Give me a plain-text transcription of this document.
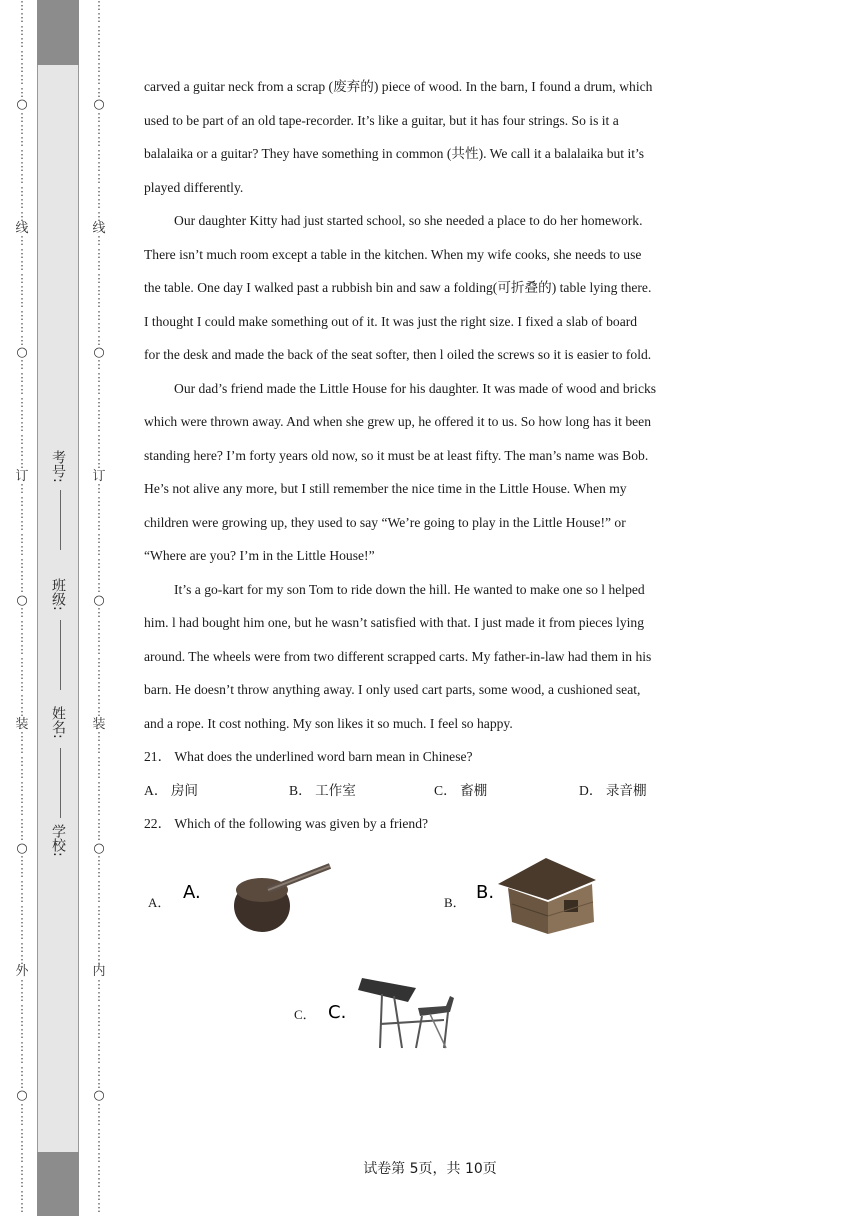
⋮
⋮
⋮
⋮
⋮
⋮
⋮
⋮
○
⋮
⋮
⋮
⋮
⋮
⋮
⋮
⋮
⋮
线
⋮
⋮
⋮
⋮
⋮
⋮
⋮
⋮
⋮
○
⋮
⋮
⋮
⋮
⋮
⋮
⋮
⋮
⋮
订
⋮
⋮
⋮
⋮
⋮
⋮
⋮
⋮
⋮
○
⋮
⋮
⋮
⋮
⋮
⋮
⋮
⋮
⋮
装
⋮
⋮
⋮
⋮
⋮
⋮
⋮
⋮
⋮
○
⋮
⋮
⋮
⋮
⋮
⋮
⋮
⋮
⋮
外
⋮
⋮
⋮
⋮
⋮
⋮
⋮
⋮
⋮
○
⋮
⋮
⋮
⋮
⋮
⋮
⋮
⋮
⋮
考号:
班级:
姓名:
学校:
⋮
⋮
⋮
⋮
⋮
⋮
⋮
⋮
○
⋮
⋮
⋮
⋮
⋮
⋮
⋮
⋮
⋮
线
⋮
⋮
⋮
⋮
⋮
⋮
⋮
⋮
⋮
○
⋮
⋮
⋮
⋮
⋮
⋮
⋮
⋮
⋮
订
⋮
⋮
⋮
⋮
⋮
⋮
⋮
⋮
⋮
○
⋮
⋮
⋮
⋮
⋮
⋮
⋮
⋮
⋮
装
⋮
⋮
⋮
⋮
⋮
⋮
⋮
⋮
⋮
○
⋮
⋮
⋮
⋮
⋮
⋮
⋮
⋮
⋮
内
⋮
⋮
⋮
⋮
⋮
⋮
⋮
⋮
⋮
○
⋮
⋮
⋮
⋮
⋮
⋮
⋮
⋮
⋮
carved a guitar neck from a scrap (废弃的) piece of wood. In the barn, I found a drum, which
used to be part of an old tape-recorder. It’s like a guitar, but it has four strings. So is it a
balalaika or a guitar? They have something in common (共性). We call it a balalaika but it’s
played differently.
Our daughter Kitty had just started school, so she needed a place to do her homework.
There isn’t much room except a table in the kitchen. When my wife cooks, she needs to use
the table. One day I walked past a rubbish bin and saw a folding(可折叠的) table lying there.
I thought I could make something out of it. It was just the right size. I fixed a slab of board
for the desk and made the back of the seat softer, then l oiled the screws so it is easier to fold.
Our dad’s friend made the Little House for his daughter. It was made of wood and bricks
which were thrown away. And when she grew up, he offered it to us. So how long has it been
standing here? I’m forty years old now, so it must be at least fifty. The man’s name was Bob.
He’s not alive any more, but I still remember the nice time in the Little House. When my
children were growing up, they used to say “We’re going to play in the Little House!” or
“Where are you? I’m in the Little House!”
It’s a go-kart for my son Tom to ride down the hill. He wanted to make one so l helped
him. l had bought him one, but he wasn’t satisfied with that. I just made it from pieces lying
around. The wheels were from two different scrapped carts. My father-in-law had them in his
barn. He doesn’t throw anything away. I only used cart parts, some wood, a cushioned seat,
and a rope. It cost nothing. My son likes it so much. I feel so happy.
21． What does the underlined word barn mean in Chinese?
A． 房间	B． 工作室	C． 畜棚	D． 录音棚
22． Which of the following was given by a friend?
A． A.	B． B.
C． C.
试卷第 5页，共 10页
